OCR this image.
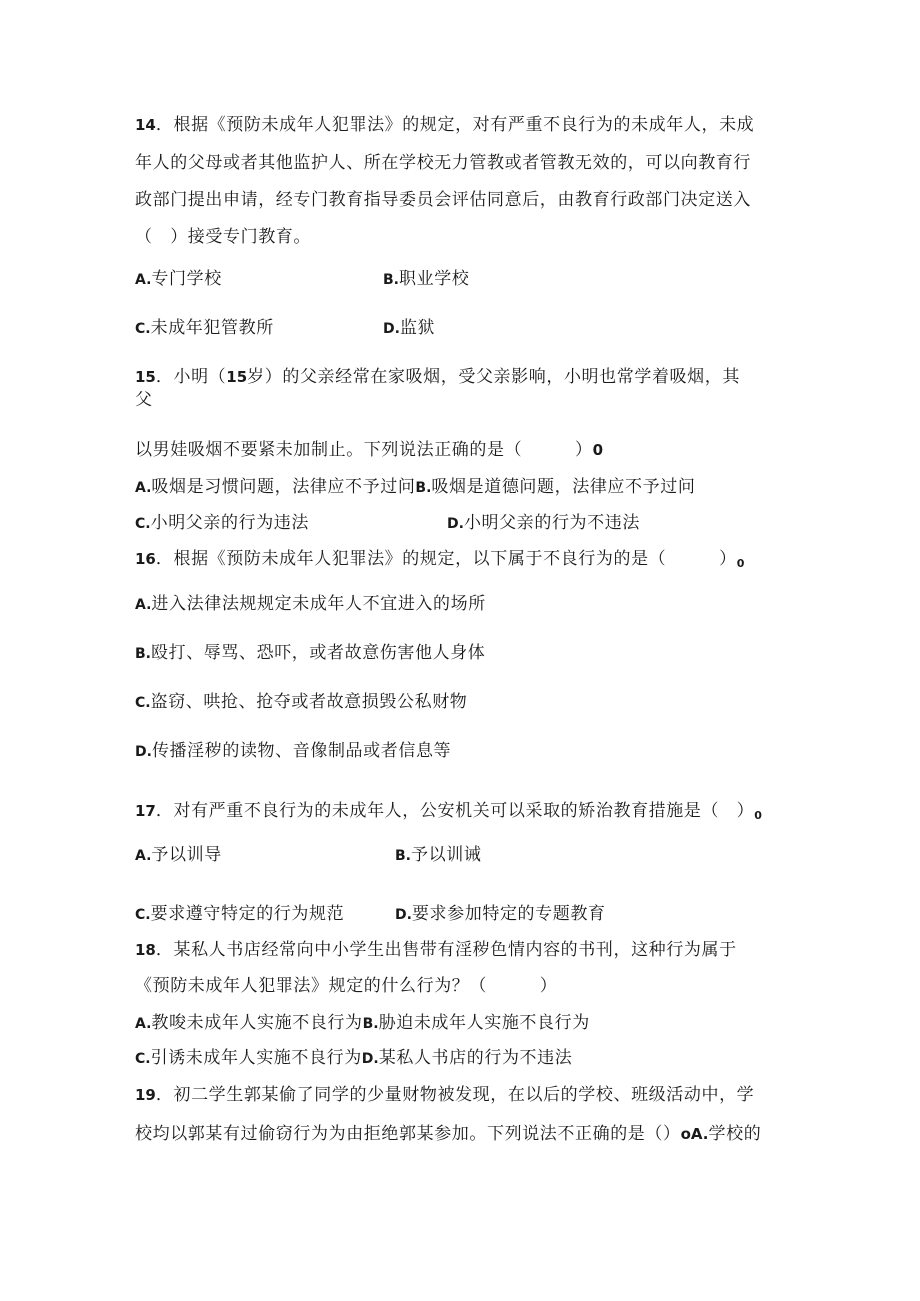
14．根据《预防未成年人犯罪法》的规定，对有严重不良行为的未成年人，未成
年人的父母或者其他监护人、所在学校无力管教或者管教无效的，可以向教育行
政部门提出申请，经专门教育指导委员会评估同意后，由教育行政部门决定送入
（　）接受专门教育。
A.专门学校	B.职业学校
C.未成年犯管教所	D.监狱
15．小明（15岁）的父亲经常在家吸烟，受父亲影响，小明也常学着吸烟，其
父
以男娃吸烟不要紧未加制止。下列说法正确的是（　　　）0
A.吸烟是习惯问题，法律应不予过问B.吸烟是道德问题，法律应不予过问
C.小明父亲的行为违法	D.小明父亲的行为不违法
16．根据《预防未成年人犯罪法》的规定，以下属于不良行为的是（　　　）$_0$
A.进入法律法规规定未成年人不宜进入的场所
B.殴打、辱骂、恐吓，或者故意伤害他人身体
C.盗窃、哄抢、抢夺或者故意损毁公私财物
D.传播淫秽的读物、音像制品或者信息等
17．对有严重不良行为的未成年人，公安机关可以采取的矫治教育措施是（　）$_0$
A.予以训导	B.予以训诫
C.要求遵守特定的行为规范	D.要求参加特定的专题教育
18．某私人书店经常向中小学生出售带有淫秽色情内容的书刊，这种行为属于
《预防未成年人犯罪法》规定的什么行为？（　　　）
A.教唆未成年人实施不良行为B.胁迫未成年人实施不良行为
C.引诱未成年人实施不良行为D.某私人书店的行为不违法
19．初二学生郭某偷了同学的少量财物被发现，在以后的学校、班级活动中，学
校均以郭某有过偷窃行为为由拒绝郭某参加。下列说法不正确的是（）oA.学校的
